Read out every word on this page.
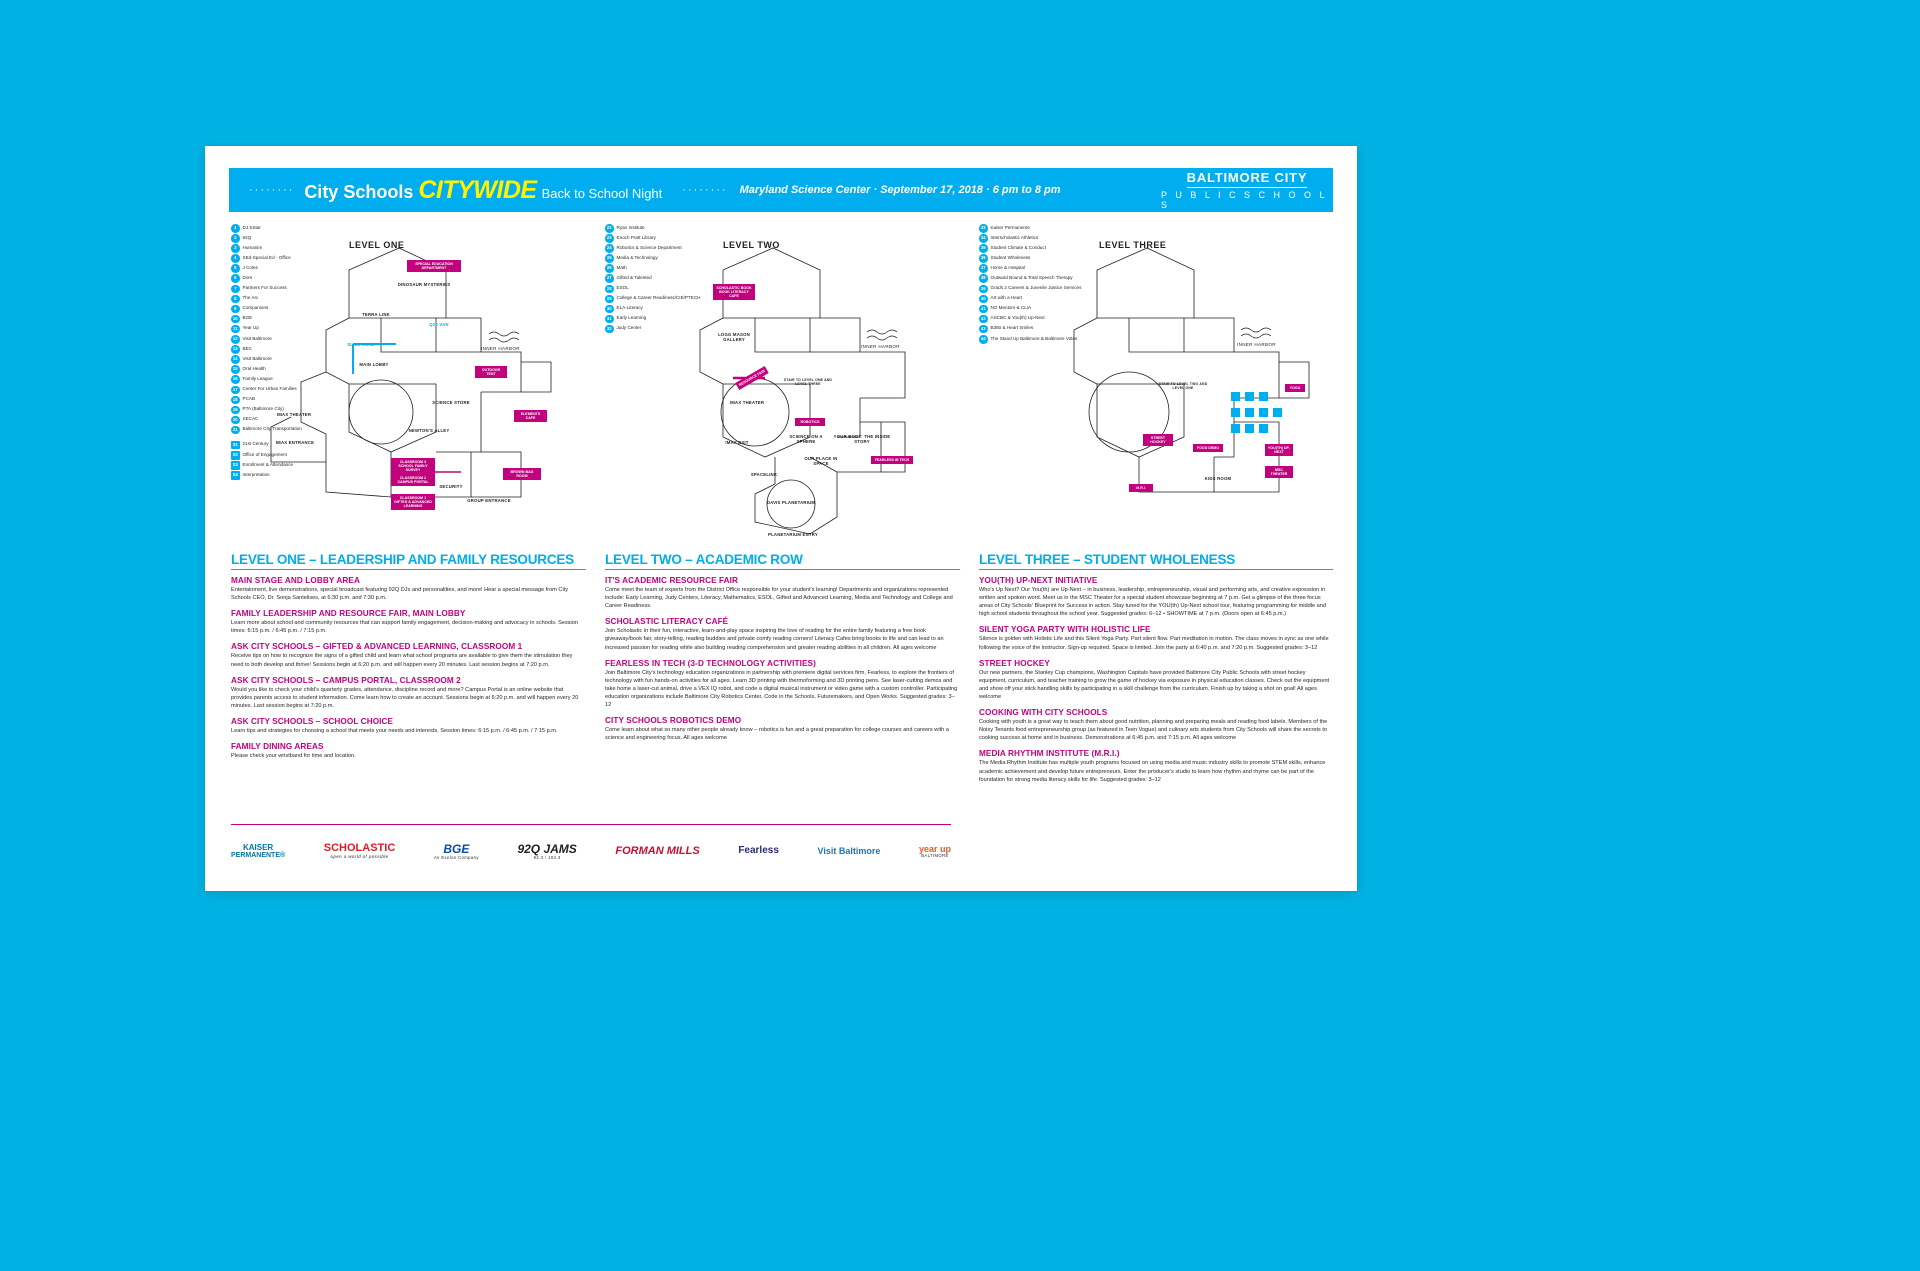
········ City Schools CITYWIDE Back to School Night ········ Maryland Science Center · September 17, 2018 · 6 pm to 8 pm
BALTIMORE CITY
P U B L I C S C H O O L S
1	DJ SStar
2	92Q
3	Humanim
4	SEd-Special Ed - Office
5	J Coles
6	Dors
7	Partners For Success
8	The Arc
9	Companions
10	BGE
11	Year Up
12	Visit Baltimore
13	BEC
14	Visit Baltimore
15	Oral Health
16	Family League
17	Center For Urban Families
18	PCAB
19	PTA (Baltimore City)
20	SECAC
21	Baltimore City Transportation
S1	21st Century
S2	Office of Engagement
S3	Enrollment & Attendance
S4	Interpretation
LEVEL ONE
INNER HARBOR
SPECIAL EDUCATION DEPARTMENT
OUTDOOR TENT
ELEMENTS CAFE
BROWN BAG ROOM
CLASSROOM 2 CAMPUS PORTAL
CLASSROOM 1 GIFTED & ADVANCED LEARNING
CLASSROOM 3 SCHOOL FAMILY SURVEY
DINOSAUR MYSTERIES
TERRA LINK
MAIN LOBBY
SCIENCE STORE
IMAX THEATER
IMAX ENTRANCE
NEWTON'S ALLEY
SECURITY
GROUP ENTRANCE
Q20 VAN
SLIDE ZONE
LEVEL ONE – LEADERSHIP AND FAMILY RESOURCES
MAIN STAGE AND LOBBY AREA

Entertainment, live demonstrations, special broadcast featuring 92Q DJs and personalities, and more! Hear a special message from City Schools CEO, Dr. Sonja Santelises, at 6:30 p.m. and 7:30 p.m.

FAMILY LEADERSHIP AND RESOURCE FAIR, MAIN LOBBY

Learn more about school and community resources that can support family engagement, decision-making and advocacy in schools. Session times: 6:15 p.m. / 6:45 p.m. / 7:15 p.m.

ASK CITY SCHOOLS – GIFTED & ADVANCED LEARNING, CLASSROOM 1

Receive tips on how to recognize the signs of a gifted child and learn what school programs are available to give them the stimulation they need to both develop and thrive! Sessions begin at 6:20 p.m. and will happen every 20 minutes. Last session begins at 7:20 p.m.

ASK CITY SCHOOLS – CAMPUS PORTAL, CLASSROOM 2

Would you like to check your child's quarterly grades, attendance, discipline record and more? Campus Portal is an online website that provides parents access to student information. Come learn how to create an account. Sessions begin at 6:20 p.m. and will happen every 20 minutes. Last session begins at 7:20 p.m.

ASK CITY SCHOOLS – SCHOOL CHOICE

Learn tips and strategies for choosing a school that meets your needs and interests. Session times: 6:15 p.m. / 6:45 p.m. / 7:15 p.m.

FAMILY DINING AREAS

Please check your wristband for time and location.

22	Ryan Institute
23	Enoch Pratt Library
24	Robotics & Science Department
25	Media & Technology
26	Math
27	Gifted & Talented
28	ESOL
29	College & Career Readiness/CIE/PTECH
30	ELA-Literacy
31	Early Learning
32	Judy Center
LEVEL TWO
INNER HARBOR
SCHOLASTIC BOOK BOOK LITERACY CAFE
ROBOTICS
FEARLESS IN TECH
RESOURCE FAIR
LOGG MASON GALLERY
IMAX THEATER
IMAX EXIT
SCIENCE ON A SPHERE
YOUR BODY: THE INSIDE STORY
OUR PLACE IN SPACE
SPACELINK
DAVIS PLANETARIUM
PLANETARIUM ENTRY
STAIR TO LEVEL ONE AND LEVEL THREE
LEVEL TWO – ACADEMIC ROW
IT'S ACADEMIC RESOURCE FAIR

Come meet the team of experts from the District Office responsible for your student's learning! Departments and organizations represented include: Early Learning, Judy Centers, Literacy, Mathematics, ESOL, Gifted and Advanced Learning, Media and Technology and College and Career Readiness.

SCHOLASTIC LITERACY CAFÉ

Join Scholastic in their fun, interactive, learn-and-play space inspiring the love of reading for the entire family featuring a free book giveaway/book fair, story-telling, reading buddies and private comfy reading corners! Literacy Cafes bring books to life and can lead to an increased passion for reading while also building reading comprehension and greater reading abilities in all children. All ages welcome

FEARLESS IN TECH (3-D TECHNOLOGY ACTIVITIES)

Join Baltimore City's technology education organizations in partnership with premiere digital services firm, Fearless, to explore the frontiers of technology with fun hands-on activities for all ages. Learn 3D printing with thermoforming and 3D printing pens. See laser-cutting demos and take home a laser-cut animal, drive a VEX IQ robot, and code a digital musical instrument or video game with a custom controller. Participating education organizations include Baltimore City Robotics Center, Code in the Schools, Futuremakers, and Open Works. Suggested grades: 3–12

CITY SCHOOLS ROBOTICS DEMO

Come learn about what so many other people already know – robotics is fun and a great preparation for college courses and careers with a science and engineering focus. All ages welcome

33	Kaiser Permanente
34	Interscholastic Athletics
35	Student Climate & Conduct
36	Student Wholeness
37	Home & Hospital
38	Outward Bound & Total Speech Therapy
39	Grads 2 Careers & Juvenile Justice Services
40	Art with a Heart
41	NO Mentors & CLIA
42	ASCBC & You(th) Up-Next
43	B360 & Heart Smiles
44	The Stand Up Baltimore & Baltimore Votes
LEVEL THREE
INNER HARBOR
STREET HOCKEY
FOOD DEMO	YOU(TH) UP-NEXT
MSC THEATER
YOGA
M.R.I.
KIDS ROOM
STAIR TO LEVEL TWO AND LEVEL ONE
LEVEL THREE – STUDENT WHOLENESS
YOU(TH) UP-NEXT INITIATIVE

Who's Up Next? Our You(th) are Up-Next – in business, leadership, entrepreneurship, visual and performing arts, and creative expression in written and spoken word. Meet us in the MSC Theater for a special student showcase beginning at 7 p.m. Get a glimpse of the three focus areas of City Schools' Blueprint for Success in action. Stay tuned for the YOU(th) Up-Next school tour, featuring programming for middle and high school students throughout the school year. Suggested grades: 6–12 • SHOWTIME at 7 p.m. (Doors open at 6:45 p.m.)

SILENT YOGA PARTY WITH HOLISTIC LIFE

Silence is golden with Holistic Life and this Silent Yoga Party. Part silent flow. Part meditation in motion. The class moves in sync as one while following the voice of the instructor. Sign-up required. Space is limited. Join the party at 6:40 p.m. and 7:20 p.m. Suggested grades: 3–12

STREET HOCKEY

Our new partners, the Stanley Cup champions, Washington Capitals have provided Baltimore City Public Schools with street hockey equipment, curriculum, and teacher training to grow the game of hockey via exposure in physical education classes. Check out the equipment and show off your stick handling skills by participating in a skill challenge from the curriculum. Finish up by taking a shot on goal! All ages welcome

COOKING WITH CITY SCHOOLS

Cooking with youth is a great way to teach them about good nutrition, planning and preparing meals and reading food labels. Members of the Noisy Tenants food entrepreneurship group (as featured in Teen Vogue) and culinary arts students from City Schools will share the secrets to cooking success at home and in business. Demonstrations at 6:45 p.m. and 7:15 p.m. All ages welcome

MEDIA RHYTHM INSTITUTE (M.R.I.)

The Media Rhythm Institute has multiple youth programs focused on using media and music industry skills to promote STEM skills, enhance academic achievement and develop future entrepreneurs. Enter the producer's studio to learn how rhythm and rhyme can be part of the foundation for strong media literacy skills for life. Suggested grades: 3–12

KAISER
PERMANENTE®
SCHOLASTIC
open a world of possible
BGE
An Exelon Company
92Q JAMS
92.3 / 104.3
FORMAN MILLS	Fearless	Visit Baltimore	year up
BALTIMORE
